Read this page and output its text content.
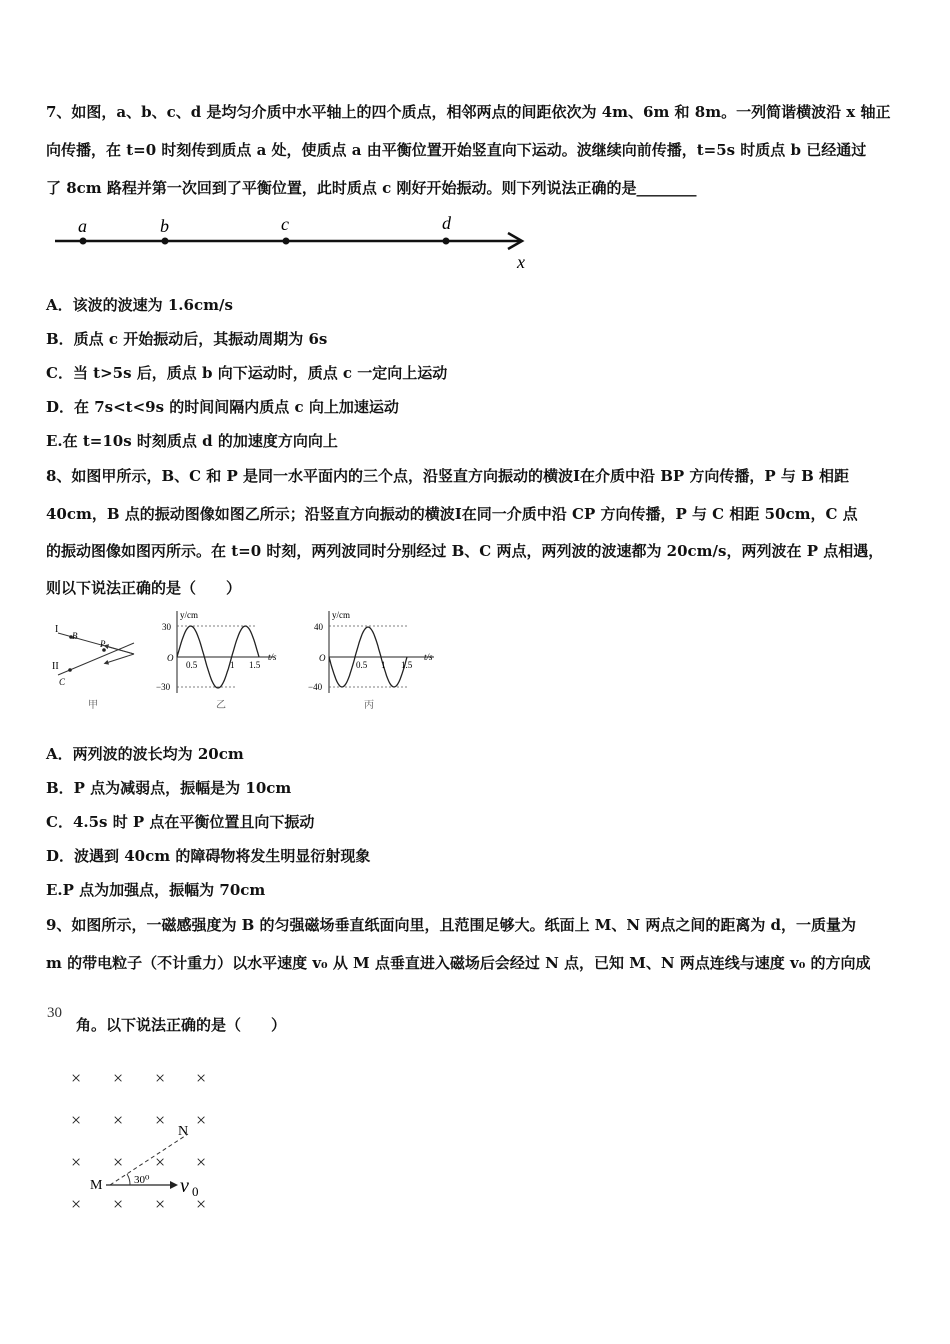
7、如图，a、b、c、d 是均匀介质中水平轴上的四个质点，相邻两点的间距依次为 4m、6m 和 8m。一列简谐横波沿 x 轴正
向传播，在 t=0 时刻传到质点 a 处，使质点 a 由平衡位置开始竖直向下运动。波继续向前传播，t=5s 时质点 b 已经通过
了 8cm 路程并第一次回到了平衡位置，此时质点 c 刚好开始振动。则下列说法正确的是________
a	b	c	d
x
A．该波的波速为 1.6cm/s
B．质点 c 开始振动后，其振动周期为 6s
C．当 t>5s 后，质点 b 向下运动时，质点 c 一定向上运动
D．在 7s<t<9s 的时间间隔内质点 c 向上加速运动
E.在 t=10s 时刻质点 d 的加速度方向向上
8、如图甲所示，B、C 和 P 是同一水平面内的三个点，沿竖直方向振动的横波Ⅰ在介质中沿 BP 方向传播，P 与 B 相距
40cm，B 点的振动图像如图乙所示；沿竖直方向振动的横波Ⅰ在同一介质中沿 CP 方向传播，P 与 C 相距 50cm，C 点
的振动图像如图丙所示。在 t=0 时刻，两列波同时分别经过 B、C 两点，两列波的波速都为 20cm/s，两列波在 P 点相遇，
则以下说法正确的是（　　）
I
B
P
II
C
甲
y/cm
t/s
30
−30
O
0.5	1 1.5
乙
y/cm
t/s
40
−40
O
0.5 1 1.5
丙
A．两列波的波长均为 20cm
B．P 点为减弱点，振幅是为 10cm
C．4.5s 时 P 点在平衡位置且向下振动
D．波遇到 40cm 的障碍物将发生明显衍射现象
E.P 点为加强点，振幅为 70cm
9、如图所示，一磁感强度为 B 的匀强磁场垂直纸面向里，且范围足够大。纸面上 M、N 两点之间的距离为 d，一质量为
m 的带电粒子（不计重力）以水平速度 v₀ 从 M 点垂直进入磁场后会经过 N 点，已知 M、N 两点连线与速度 v₀ 的方向成
30
角。以下说法正确的是（　　）
× × × ×
× × × ×
× × × ×
× × × ×
M
N
30⁰ v 0
